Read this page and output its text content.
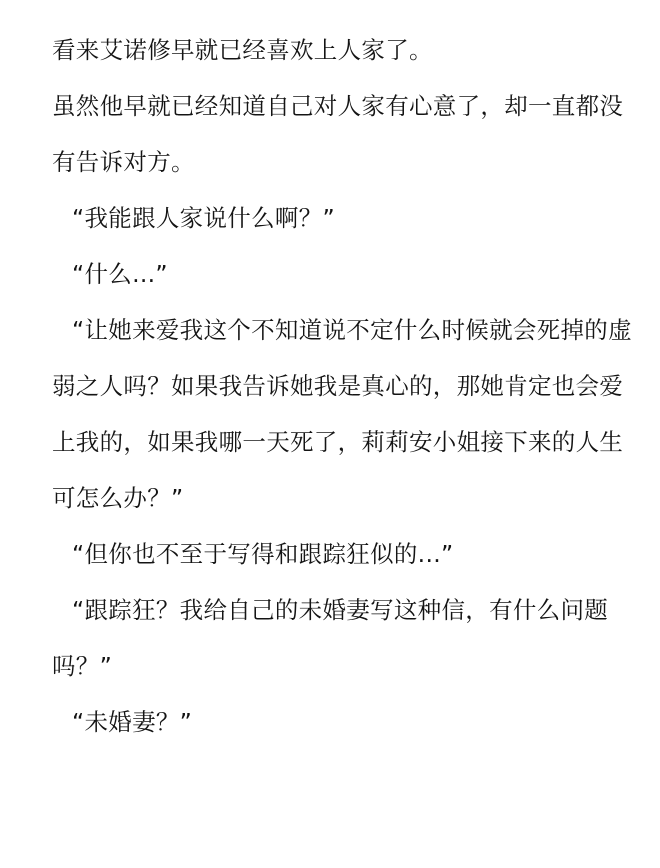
看来艾诺修早就已经喜欢上人家了。

虽然他早就已经知道自己对人家有心意了，却一直都没有告诉对方。

“我能跟人家说什么啊？”

“什么...”

“让她来爱我这个不知道说不定什么时候就会死掉的虚弱之人吗？如果我告诉她我是真心的，那她肯定也会爱上我的，如果我哪一天死了，莉莉安小姐接下来的人生可怎么办？”

“但你也不至于写得和跟踪狂似的...”

“跟踪狂？我给自己的未婚妻写这种信，有什么问题吗？”

“未婚妻？”
